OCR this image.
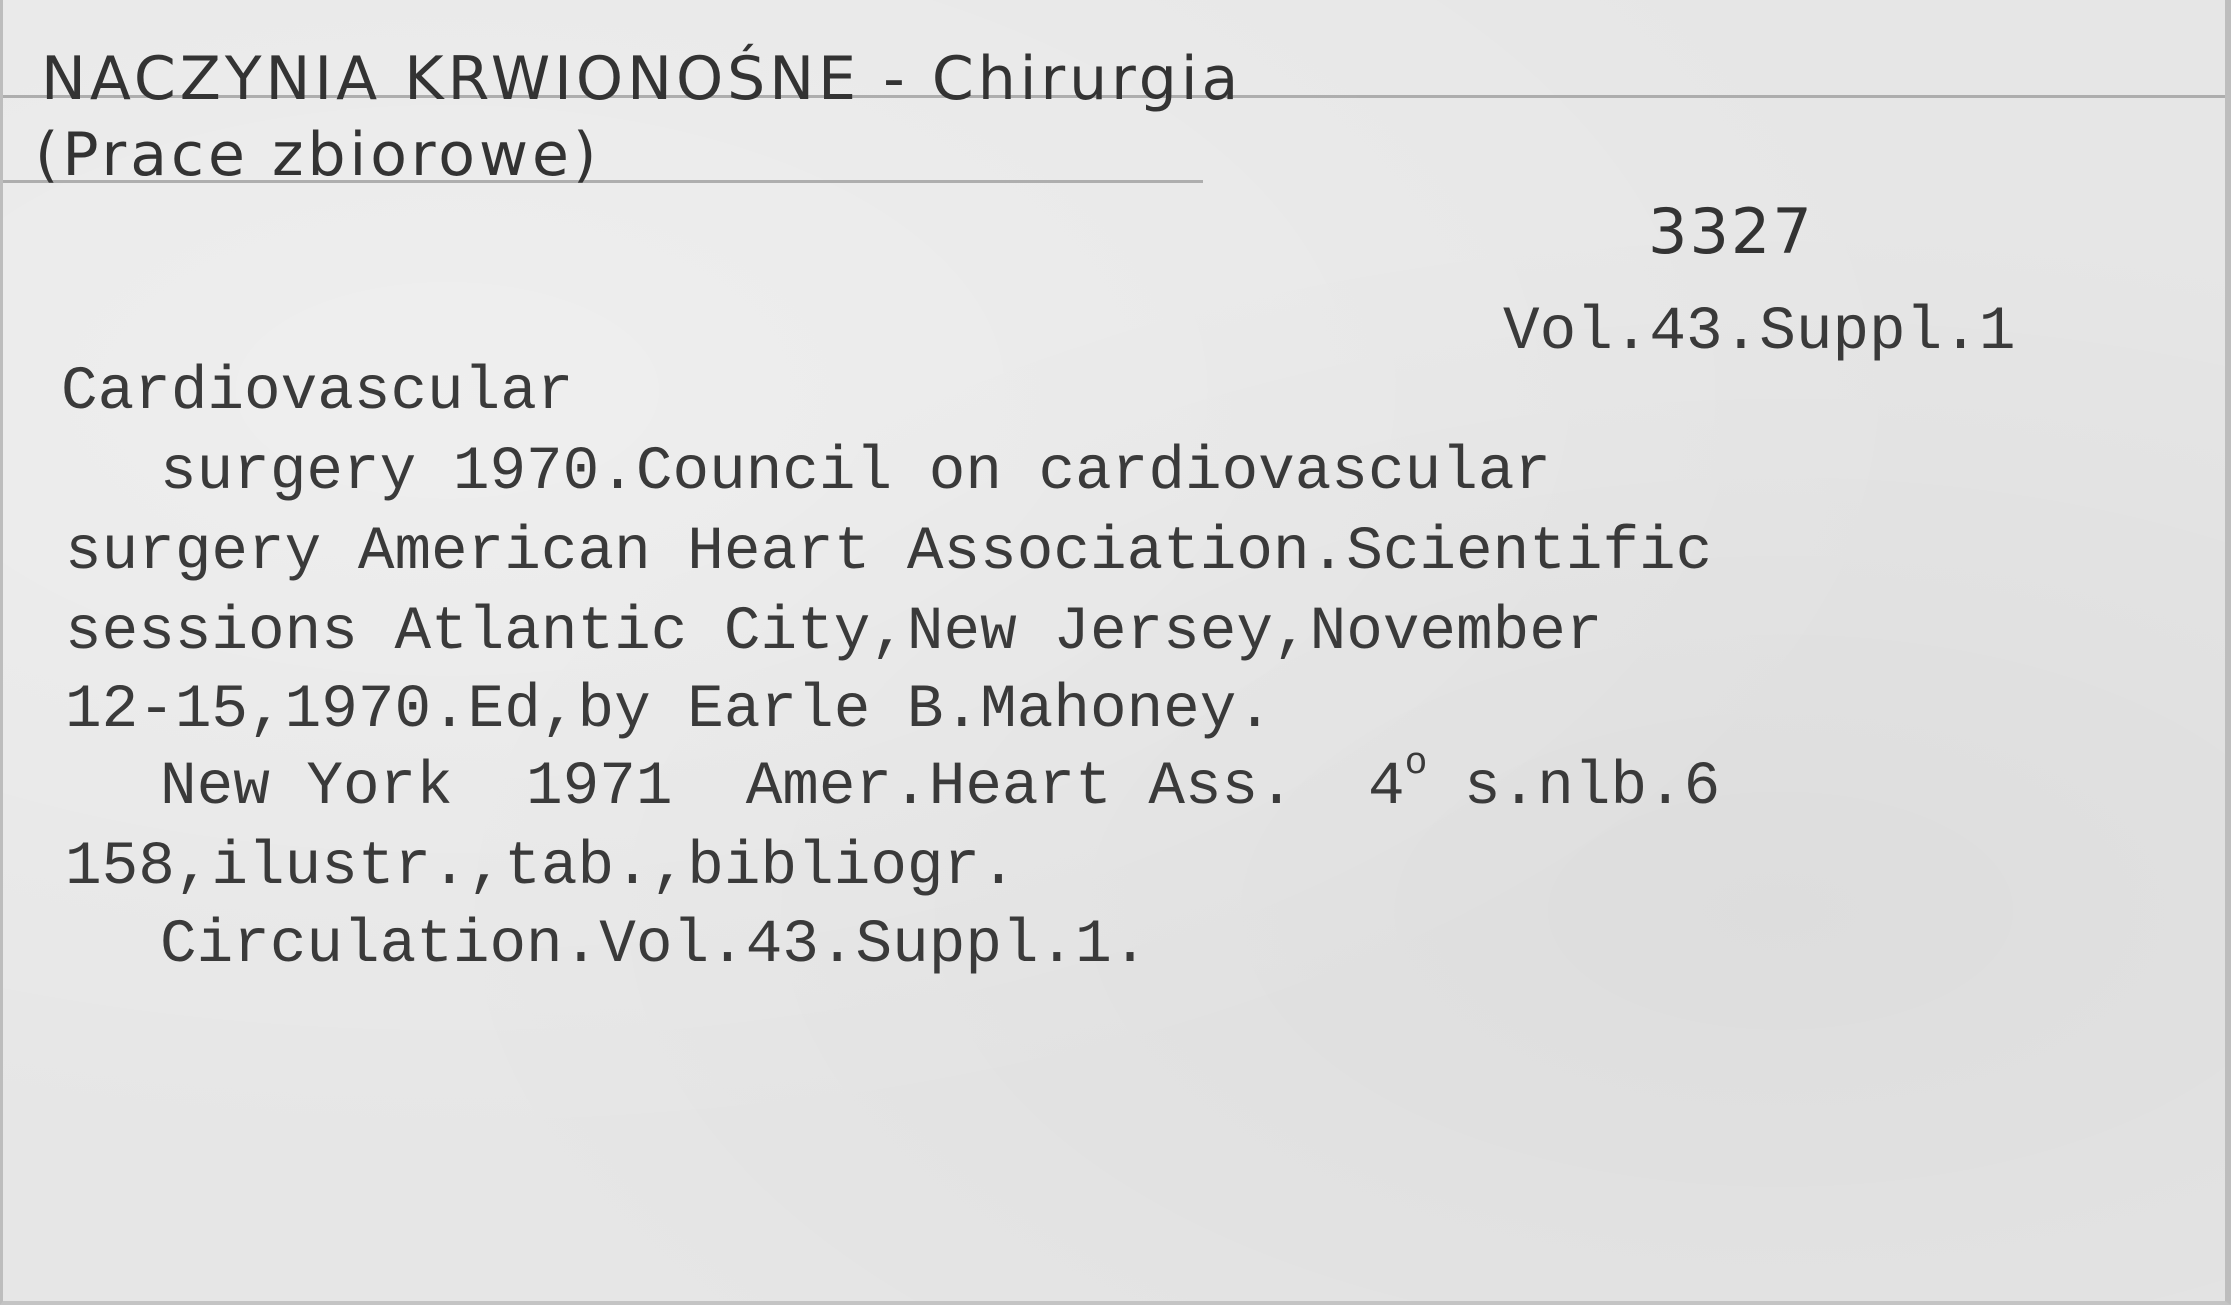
NACZYNIA KRWIONOŚNE - Chirurgia
(Prace zbiorowe)
3327
Vol.43.Suppl.1
Cardiovascular
surgery 1970.Council on cardiovascular
surgery American Heart Association.Scientific
sessions Atlantic City,New Jersey,November
12-15,1970.Ed,by Earle B.Mahoney.
New York  1971  Amer.Heart Ass.  4$^o$ s.nlb.6
158,ilustr.,tab.,bibliogr.
Circulation.Vol.43.Suppl.1.
